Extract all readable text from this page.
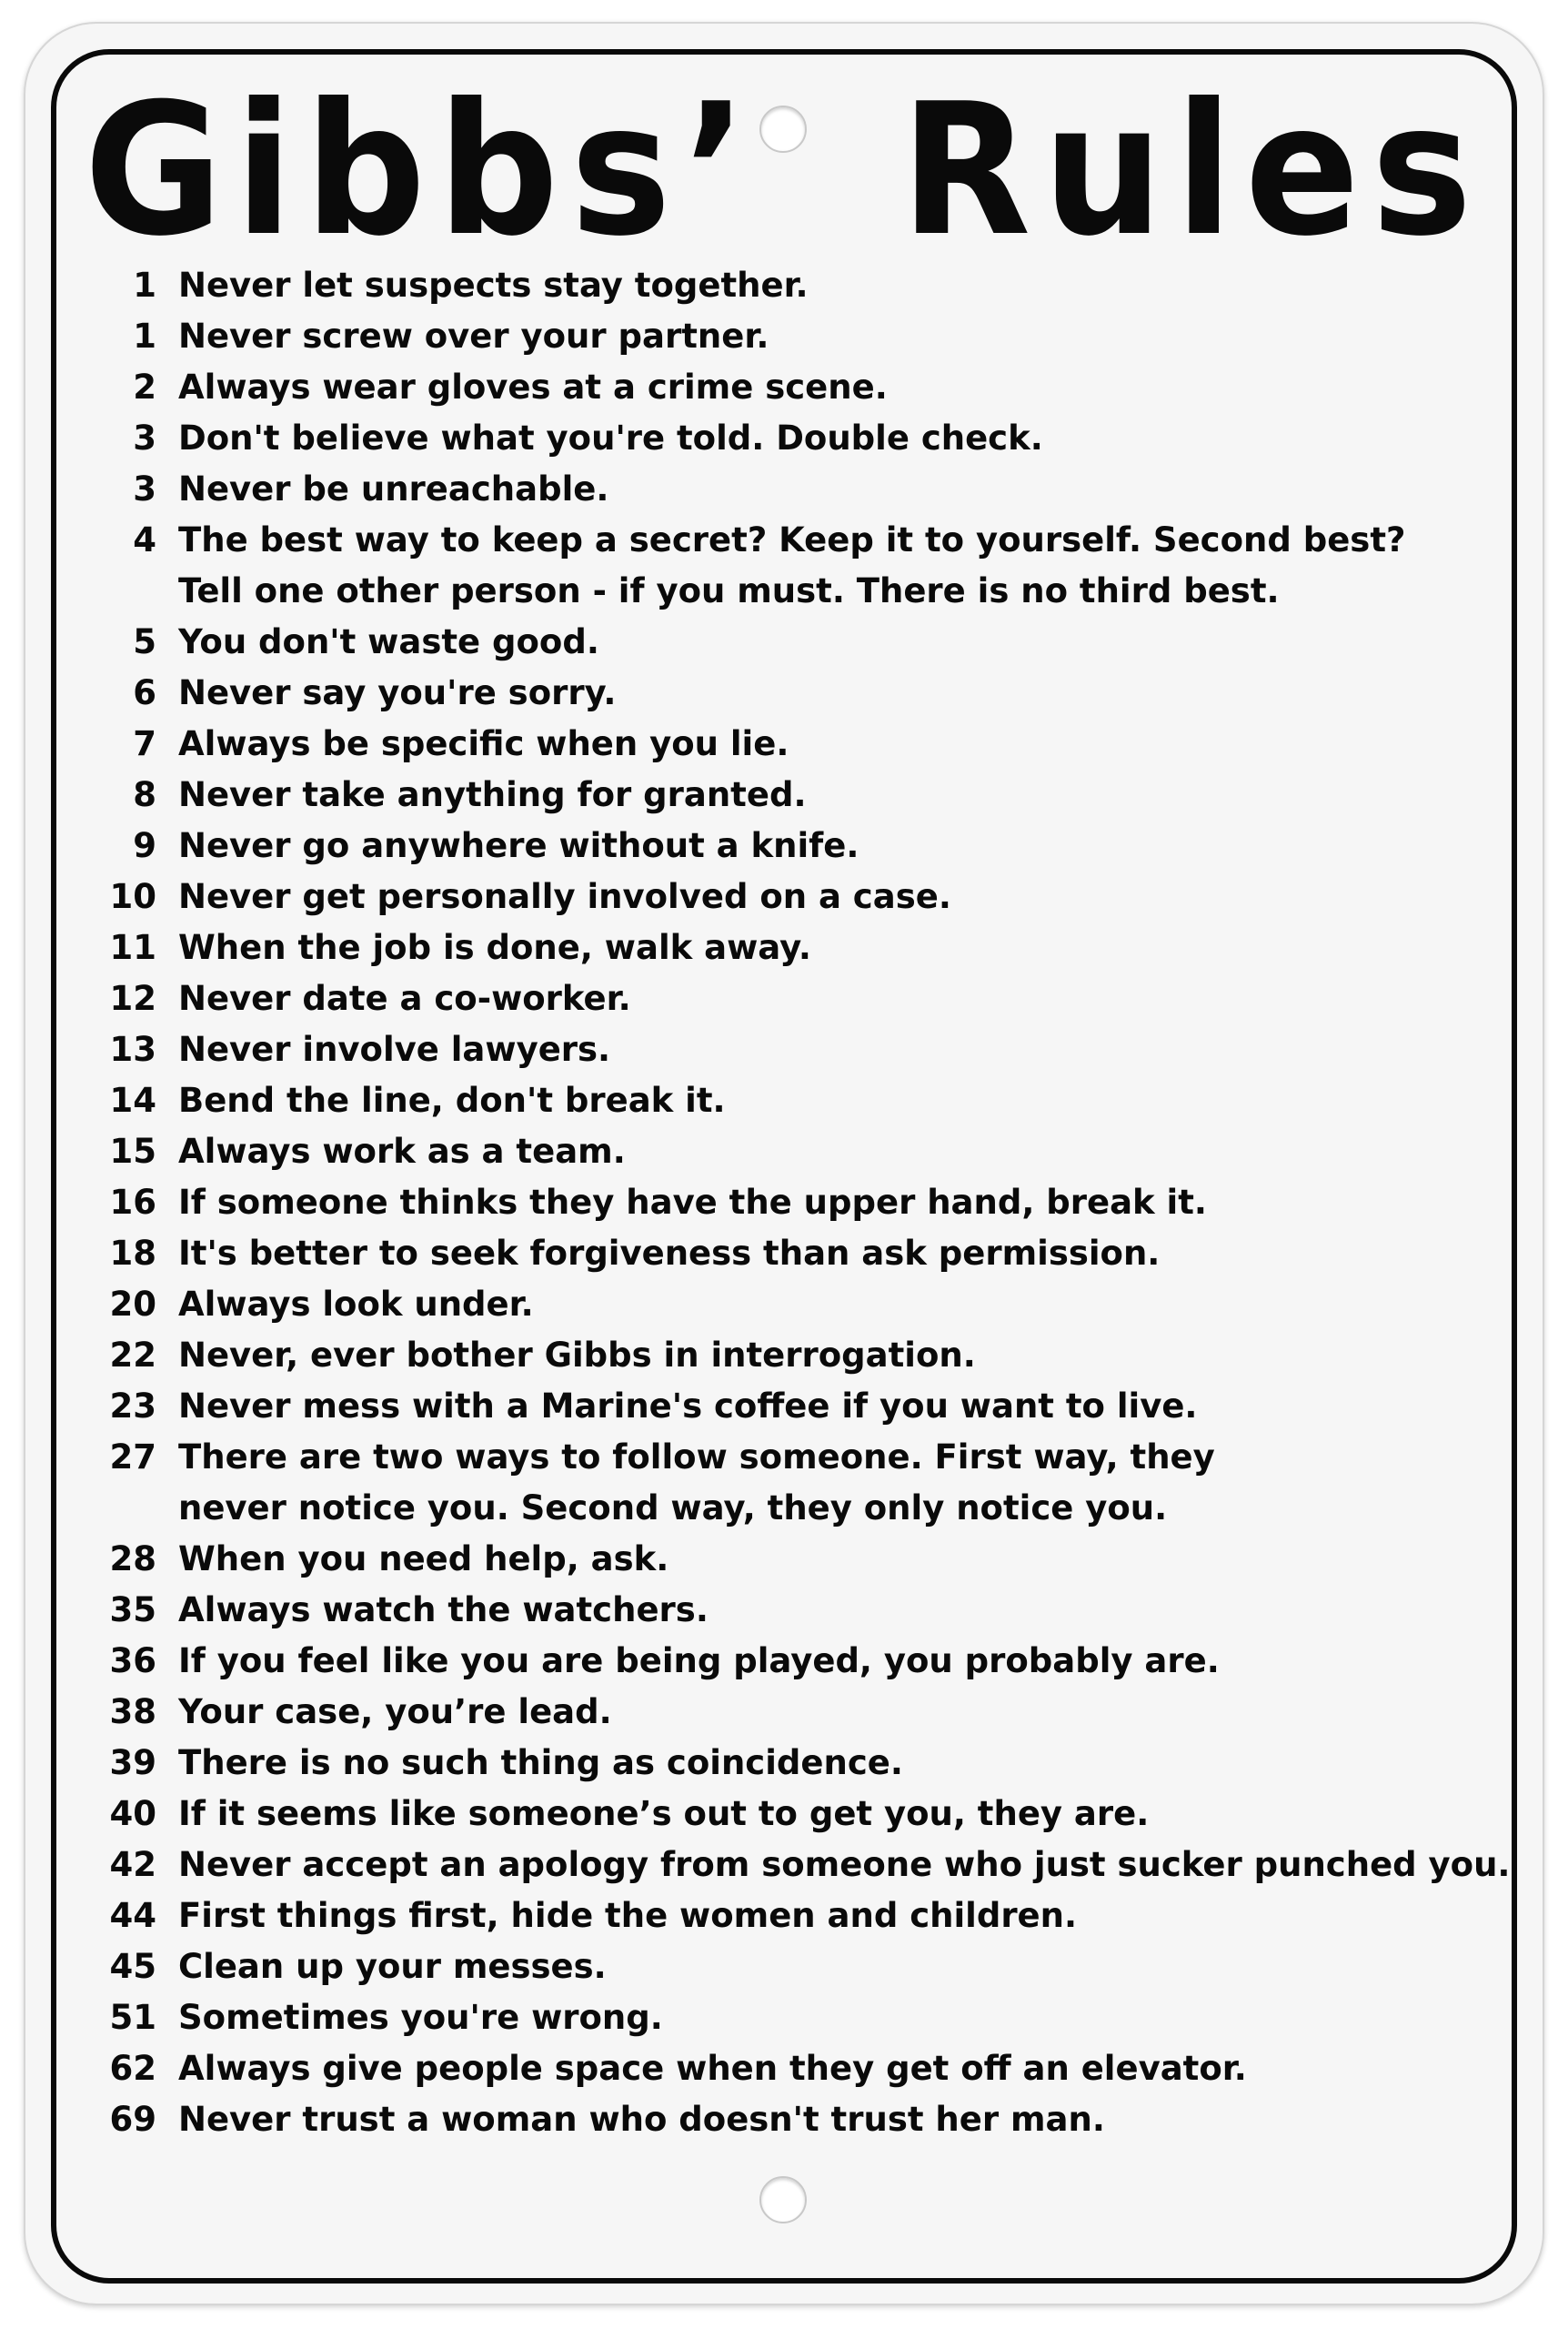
Gibbs’  Rules
1 Never let suspects stay together.
1 Never screw over your partner.
2 Always wear gloves at a crime scene.
3 Don't believe what you're told. Double check.
3 Never be unreachable.
4 The best way to keep a secret? Keep it to yourself. Second best?
Tell one other person - if you must. There is no third best.
5 You don't waste good.
6 Never say you're sorry.
7 Always be specific when you lie.
8 Never take anything for granted.
9 Never go anywhere without a knife.
10 Never get personally involved on a case.
11 When the job is done, walk away.
12 Never date a co-worker.
13 Never involve lawyers.
14 Bend the line, don't break it.
15 Always work as a team.
16 If someone thinks they have the upper hand, break it.
18 It's better to seek forgiveness than ask permission.
20 Always look under.
22 Never, ever bother Gibbs in interrogation.
23 Never mess with a Marine's coffee if you want to live.
27 There are two ways to follow someone. First way, they
never notice you. Second way, they only notice you.
28 When you need help, ask.
35 Always watch the watchers.
36 If you feel like you are being played, you probably are.
38 Your case, you’re lead.
39 There is no such thing as coincidence.
40 If it seems like someone’s out to get you, they are.
42 Never accept an apology from someone who just sucker punched you.
44 First things first, hide the women and children.
45 Clean up your messes.
51 Sometimes you're wrong.
62 Always give people space when they get off an elevator.
69 Never trust a woman who doesn't trust her man.
